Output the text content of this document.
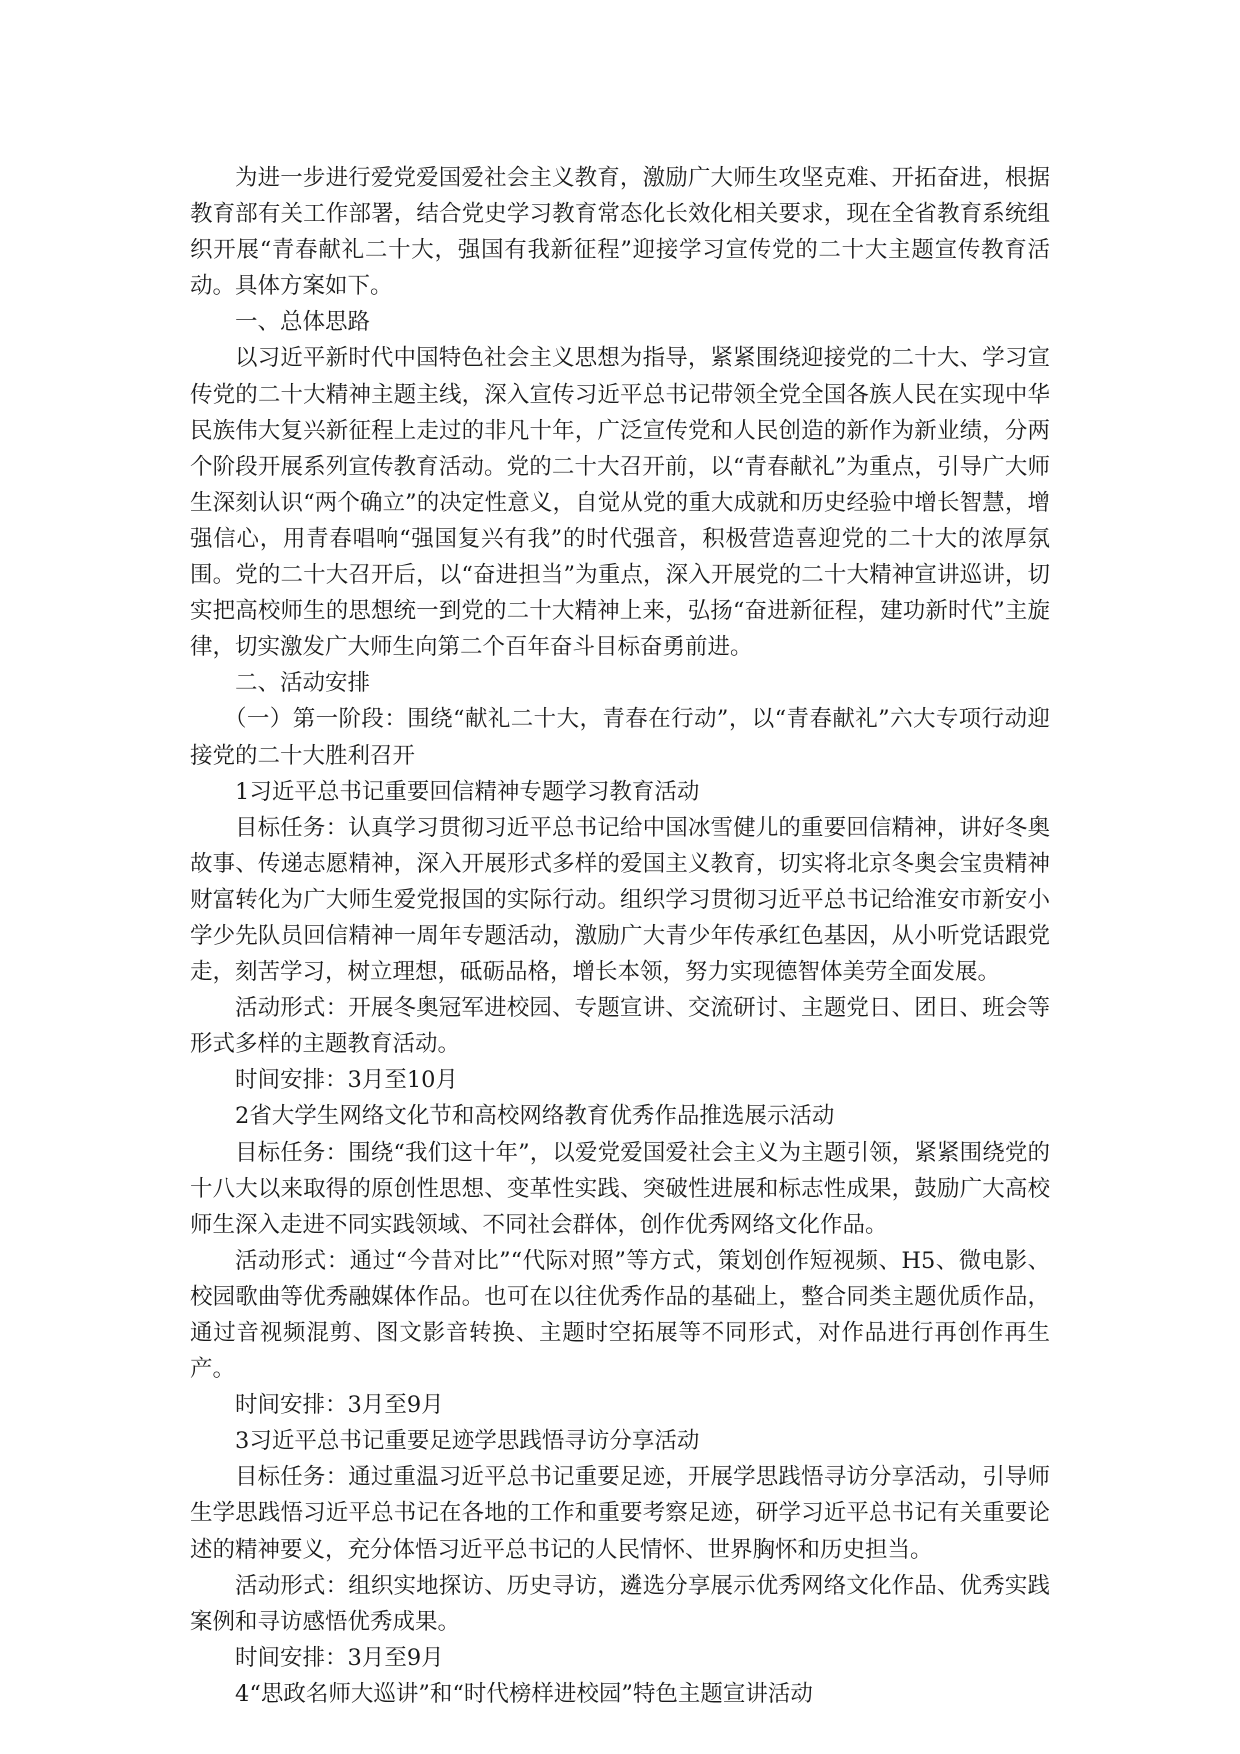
为进一步进行爱党爱国爱社会主义教育，激励广大师生攻坚克难、开拓奋进，根据教育部有关工作部署，结合党史学习教育常态化长效化相关要求，现在全省教育系统组织开展“青春献礼二十大，强国有我新征程”迎接学习宣传党的二十大主题宣传教育活动。具体方案如下。

一、总体思路

以习近平新时代中国特色社会主义思想为指导，紧紧围绕迎接党的二十大、学习宣传党的二十大精神主题主线，深入宣传习近平总书记带领全党全国各族人民在实现中华民族伟大复兴新征程上走过的非凡十年，广泛宣传党和人民创造的新作为新业绩，分两个阶段开展系列宣传教育活动。党的二十大召开前，以“青春献礼”为重点，引导广大师生深刻认识“两个确立”的决定性意义，自觉从党的重大成就和历史经验中增长智慧，增强信心，用青春唱响“强国复兴有我”的时代强音，积极营造喜迎党的二十大的浓厚氛围。党的二十大召开后，以“奋进担当”为重点，深入开展党的二十大精神宣讲巡讲，切实把高校师生的思想统一到党的二十大精神上来，弘扬“奋进新征程，建功新时代”主旋律，切实激发广大师生向第二个百年奋斗目标奋勇前进。

二、活动安排

（一）第一阶段：围绕“献礼二十大，青春在行动”，以“青春献礼”六大专项行动迎接党的二十大胜利召开

1习近平总书记重要回信精神专题学习教育活动

目标任务：认真学习贯彻习近平总书记给中国冰雪健儿的重要回信精神，讲好冬奥故事、传递志愿精神，深入开展形式多样的爱国主义教育，切实将北京冬奥会宝贵精神财富转化为广大师生爱党报国的实际行动。组织学习贯彻习近平总书记给淮安市新安小学少先队员回信精神一周年专题活动，激励广大青少年传承红色基因，从小听党话跟党走，刻苦学习，树立理想，砥砺品格，增长本领，努力实现德智体美劳全面发展。

活动形式：开展冬奥冠军进校园、专题宣讲、交流研讨、主题党日、团日、班会等形式多样的主题教育活动。

时间安排：3月至10月

2省大学生网络文化节和高校网络教育优秀作品推选展示活动

目标任务：围绕“我们这十年”，以爱党爱国爱社会主义为主题引领，紧紧围绕党的十八大以来取得的原创性思想、变革性实践、突破性进展和标志性成果，鼓励广大高校师生深入走进不同实践领域、不同社会群体，创作优秀网络文化作品。

活动形式：通过“今昔对比”“代际对照”等方式，策划创作短视频、H5、微电影、校园歌曲等优秀融媒体作品。也可在以往优秀作品的基础上，整合同类主题优质作品，通过音视频混剪、图文影音转换、主题时空拓展等不同形式，对作品进行再创作再生产。

时间安排：3月至9月

3习近平总书记重要足迹学思践悟寻访分享活动

目标任务：通过重温习近平总书记重要足迹，开展学思践悟寻访分享活动，引导师生学思践悟习近平总书记在各地的工作和重要考察足迹，研学习近平总书记有关重要论述的精神要义，充分体悟习近平总书记的人民情怀、世界胸怀和历史担当。

活动形式：组织实地探访、历史寻访，遴选分享展示优秀网络文化作品、优秀实践案例和寻访感悟优秀成果。

时间安排：3月至9月

4“思政名师大巡讲”和“时代榜样进校园”特色主题宣讲活动
